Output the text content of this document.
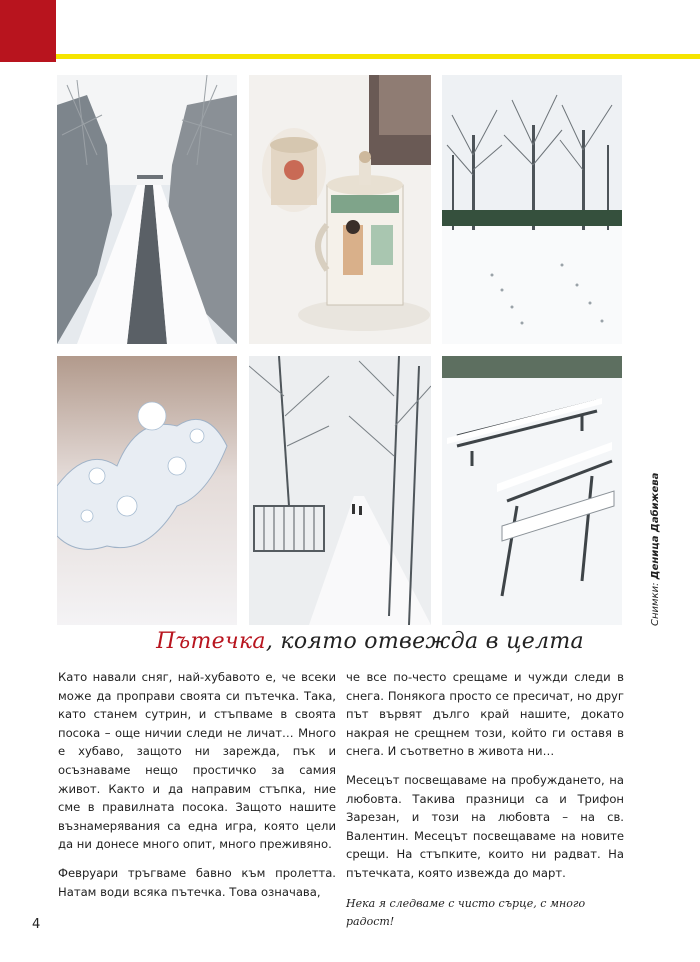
Снимки: Деница Дабижева
Пътечка, която отвежда в целта

Като навали сняг, най-хубавото е, че всеки може да проправи своята си пътечка. Така, като станем сутрин, и стъпваме в своята посока – още ничии следи не личат… Много е хубаво, защото ни зарежда, пък и осъзнаваме нещо простичко за самия живот. Както и да направим стъпка, ние сме в правилната посока. Защото нашите възнамерявания са една игра, която цели да ни донесе много опит, много преживяно.

Февруари тръгваме бавно към пролетта. Натам води всяка пътечка. Това означава,

че все по-често срещаме и чужди следи в снега. Понякога просто се пресичат, но друг път вървят дълго край нашите, докато накрая не срещнем този, който ги оставя в снега. И съответно в живота ни…

Месецът посвещаваме на пробуждането, на любовта. Такива празници са и Трифон Зарезан, и този на любовта – на св. Валентин. Месецът посвещаваме на новите срещи. На стъпките, които ни радват. На пътечката, която извежда до март.

Нека я следваме с чисто сърце, с много радост!

4
